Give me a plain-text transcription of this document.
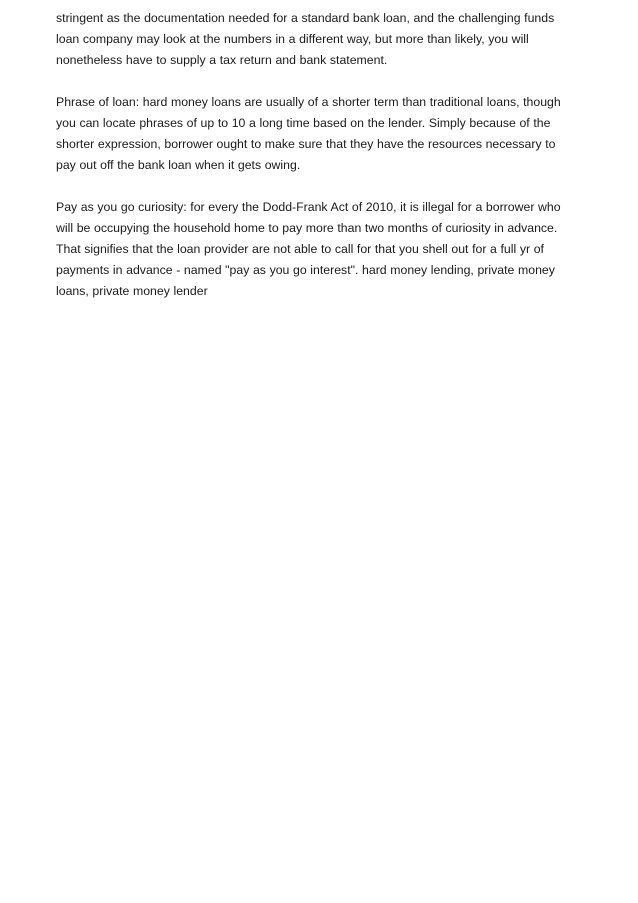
stringent as the documentation needed for a standard bank loan, and the challenging funds
loan company may look at the numbers in a different way, but more than likely, you will
nonetheless have to supply a tax return and bank statement.

Phrase of loan: hard money loans are usually of a shorter term than traditional loans, though
you can locate phrases of up to 10 a long time based on the lender. Simply because of the
shorter expression, borrower ought to make sure that they have the resources necessary to
pay out off the bank loan when it gets owing.

Pay as you go curiosity: for every the Dodd-Frank Act of 2010, it is illegal for a borrower who
will be occupying the household home to pay more than two months of curiosity in advance.
That signifies that the loan provider are not able to call for that you shell out for a full yr of
payments in advance - named "pay as you go interest". hard money lending, private money
loans, private money lender
